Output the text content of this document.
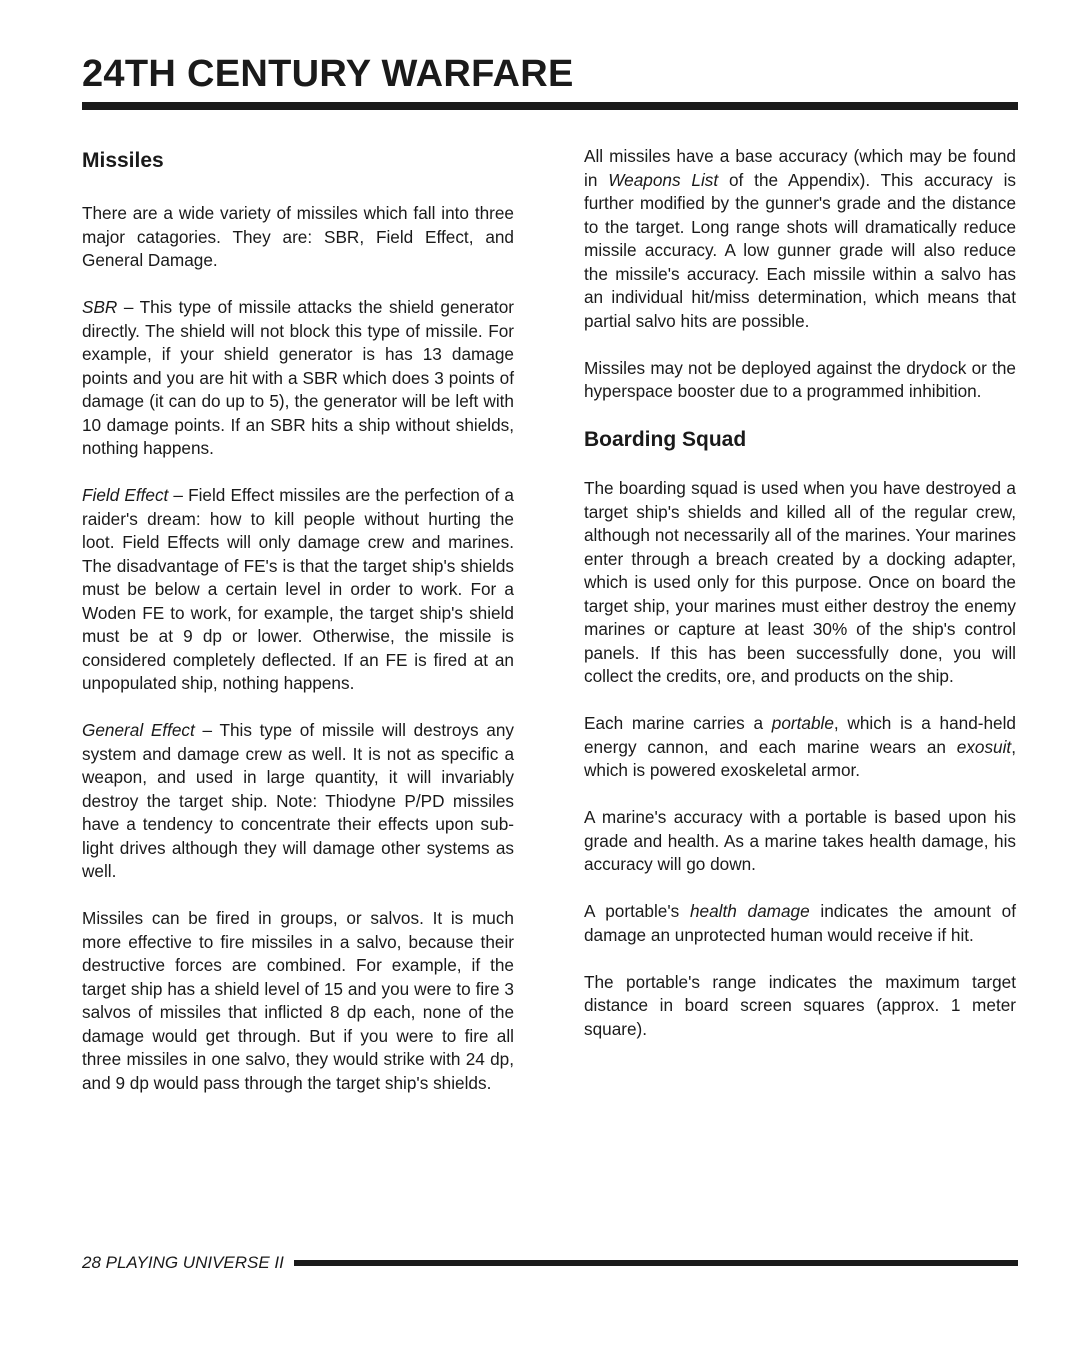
24TH CENTURY WARFARE
Missiles

There are a wide variety of missiles which fall into three major catagories. They are: SBR, Field Effect, and General Damage.

SBR – This type of missile attacks the shield generator directly. The shield will not block this type of missile. For example, if your shield generator is has 13 damage points and you are hit with a SBR which does 3 points of damage (it can do up to 5), the generator will be left with 10 damage points. If an SBR hits a ship without shields, nothing happens.

Field Effect – Field Effect missiles are the perfection of a raider's dream: how to kill people without hurting the loot. Field Effects will only damage crew and marines. The disadvantage of FE's is that the target ship's shields must be below a certain level in order to work. For a Woden FE to work, for example, the target ship's shield must be at 9 dp or lower. Otherwise, the missile is considered completely deflected. If an FE is fired at an unpopulated ship, nothing happens.

General Effect – This type of missile will destroys any system and damage crew as well. It is not as specific a weapon, and used in large quantity, it will invariably destroy the target ship. Note: Thiodyne P/PD missiles have a tendency to concentrate their effects upon sub-light drives although they will damage other systems as well.

Missiles can be fired in groups, or salvos. It is much more effective to fire missiles in a salvo, because their destructive forces are combined. For example, if the target ship has a shield level of 15 and you were to fire 3 salvos of missiles that inflicted 8 dp each, none of the damage would get through. But if you were to fire all three missiles in one salvo, they would strike with 24 dp, and 9 dp would pass through the target ship's shields.

All missiles have a base accuracy (which may be found in Weapons List of the Appendix). This accuracy is further modified by the gunner's grade and the distance to the target. Long range shots will dramatically reduce missile accuracy. A low gunner grade will also reduce the missile's accuracy. Each missile within a salvo has an individual hit/miss determination, which means that partial salvo hits are possible.

Missiles may not be deployed against the drydock or the hyperspace booster due to a programmed inhibition.

Boarding Squad

The boarding squad is used when you have destroyed a target ship's shields and killed all of the regular crew, although not necessarily all of the marines. Your marines enter through a breach created by a docking adapter, which is used only for this purpose. Once on board the target ship, your marines must either destroy the enemy marines or capture at least 30% of the ship's control panels. If this has been successfully done, you will collect the credits, ore, and products on the ship.

Each marine carries a portable, which is a hand-held energy cannon, and each marine wears an exosuit, which is powered exoskeletal armor.

A marine's accuracy with a portable is based upon his grade and health. As a marine takes health damage, his accuracy will go down.

A portable's health damage indicates the amount of damage an unprotected human would receive if hit.

The portable's range indicates the maximum target distance in board screen squares (approx. 1 meter square).

28 PLAYING UNIVERSE II
